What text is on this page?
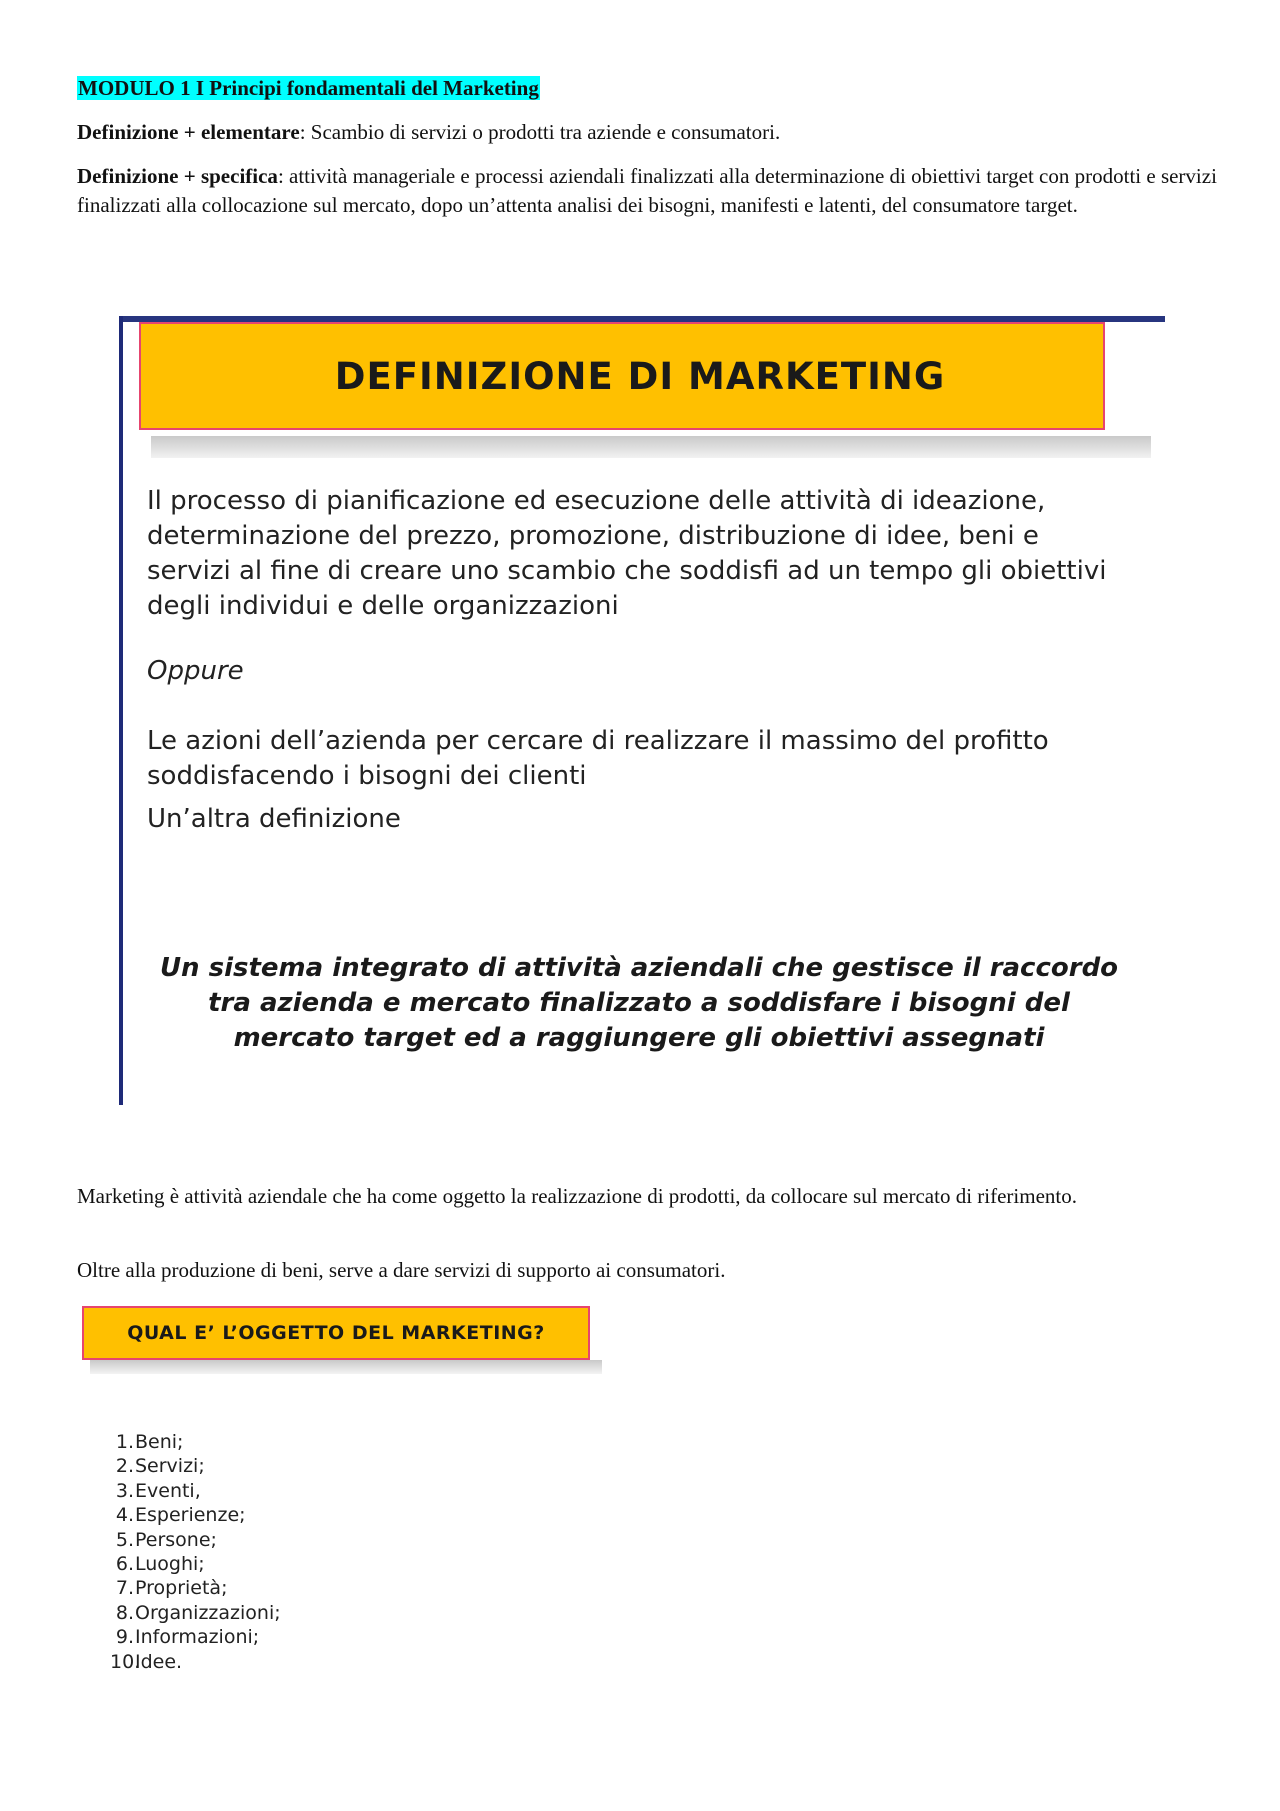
MODULO 1 I Principi fondamentali del Marketing

Definizione + elementare: Scambio di servizi o prodotti tra aziende e consumatori.

Definizione + specifica: attività manageriale e processi aziendali finalizzati alla determinazione di obiettivi target con prodotti e servizi finalizzati alla collocazione sul mercato, dopo un’attenta analisi dei bisogni, manifesti e latenti, del consumatore target.

DEFINIZIONE DI MARKETING
Il processo di pianificazione ed esecuzione delle attività di ideazione, determinazione del prezzo, promozione, distribuzione di idee, beni e servizi al fine di creare uno scambio che soddisfi ad un tempo gli obiettivi degli individui e delle organizzazioni
Oppure
Le azioni dell’azienda per cercare di realizzare il massimo del profitto soddisfacendo i bisogni dei clienti
Un’altra definizione
Un sistema integrato di attività aziendali che gestisce il raccordo tra azienda e mercato finalizzato a soddisfare i bisogni del mercato target ed a raggiungere gli obiettivi assegnati

Marketing è attività aziendale che ha come oggetto la realizzazione di prodotti, da collocare sul mercato di riferimento.

Oltre alla produzione di beni, serve a dare servizi di supporto ai consumatori.

QUAL E’ L’OGGETTO DEL MARKETING?
1. Beni;
2. Servizi;
3. Eventi,
4. Esperienze;
5. Persone;
6. Luoghi;
7. Proprietà;
8. Organizzazioni;
9. Informazioni;
10.
Idee.
